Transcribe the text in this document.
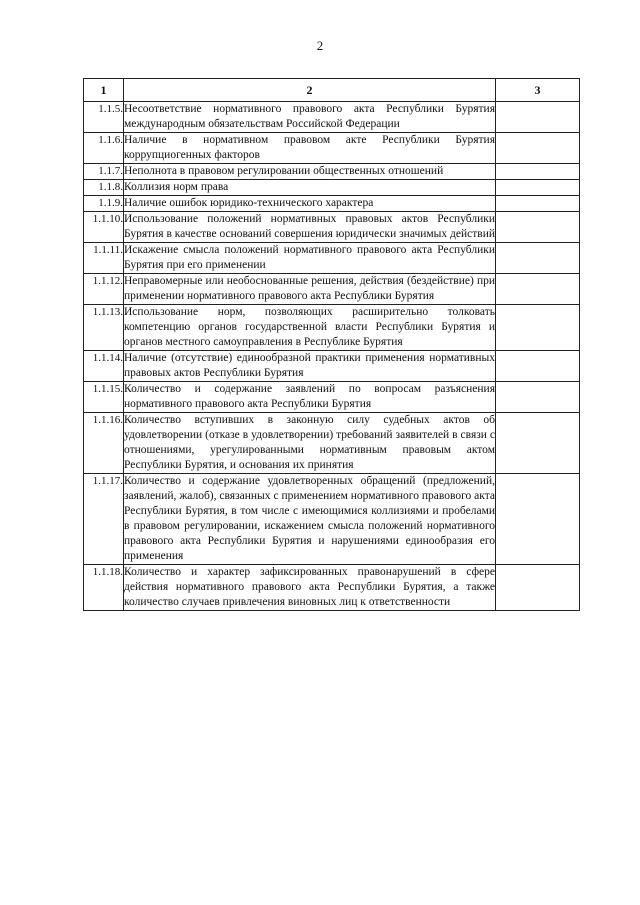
2
1	2	3
1.1.5.	Несоответствие нормативного правового акта Республики Бурятия международным обязательствам Российской Федерации	
1.1.6.	Наличие в нормативном правовом акте Республики Бурятия коррупциогенных факторов	
1.1.7.	Неполнота в правовом регулировании общественных отношений	
1.1.8.	Коллизия норм права	
1.1.9.	Наличие ошибок юридико-технического характера	
1.1.10.	Использование положений нормативных правовых актов Республики Бурятия в качестве оснований совершения юридически значимых действий	
1.1.11.	Искажение смысла положений нормативного правового акта Республики Бурятия при его применении	
1.1.12.	Неправомерные или необоснованные решения, действия (бездействие) при применении нормативного правового акта Республики Бурятия	
1.1.13.	Использование норм, позволяющих расширительно толковать компетенцию органов государственной власти Республики Бурятия и органов местного самоуправления в Республике Бурятия	
1.1.14.	Наличие (отсутствие) единообразной практики применения нормативных правовых актов Республики Бурятия	
1.1.15.	Количество и содержание заявлений по вопросам разъяснения нормативного правового акта Республики Бурятия	
1.1.16.	Количество вступивших в законную силу судебных актов об удовлетворении (отказе в удовлетворении) требований заявителей в связи с отношениями, урегулированными нормативным правовым актом Республики Бурятия, и основания их принятия	
1.1.17.	Количество и содержание удовлетворенных обращений (предложений, заявлений, жалоб), связанных с применением нормативного правового акта Республики Бурятия, в том числе с имеющимися коллизиями и пробелами в правовом регулировании, искажением смысла положений нормативного правового акта Республики Бурятия и нарушениями единообразия его применения	
1.1.18.	Количество и характер зафиксированных правонарушений в сфере действия нормативного правового акта Республики Бурятия, а также количество случаев привлечения виновных лиц к ответственности	
